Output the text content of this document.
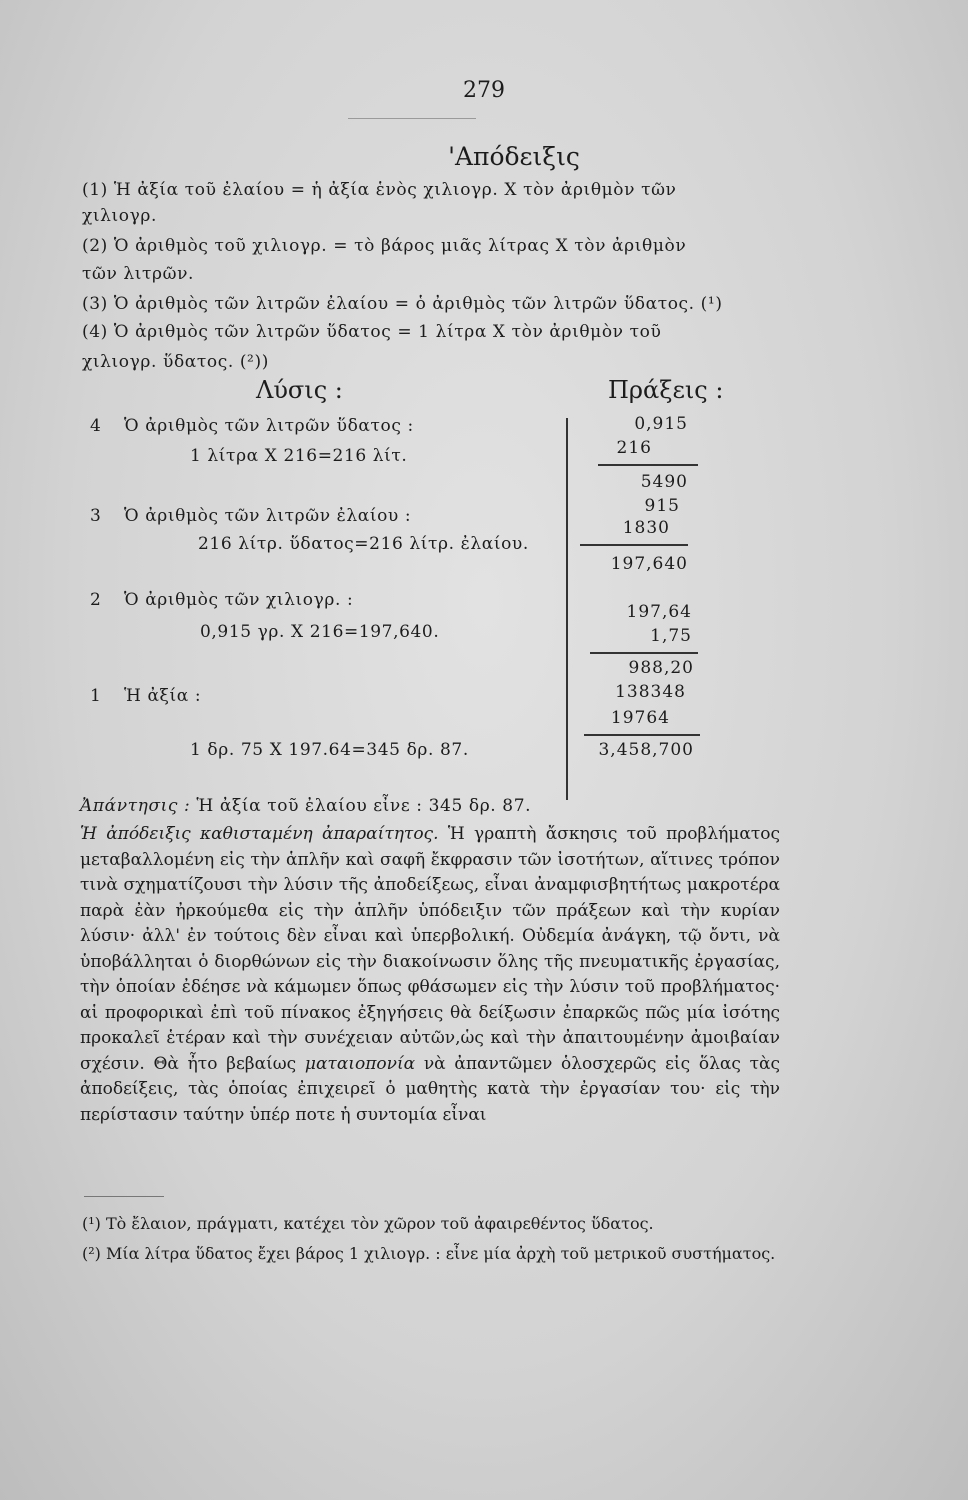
279
'Απόδειξις
(1) Ἡ ἀξία τοῦ ἐλαίου = ἡ ἀξία ἑνὸς χιλιογρ. X τὸν ἀριθμὸν τῶν
χιλιογρ.
(2) Ὁ ἀριθμὸς τοῦ χιλιογρ. = τὸ βάρος μιᾶς λίτρας X τὸν ἀριθμὸν
τῶν λιτρῶν.
(3) Ὁ ἀριθμὸς τῶν λιτρῶν ἐλαίου = ὁ ἀριθμὸς τῶν λιτρῶν ὕδατος. (¹)
(4) Ὁ ἀριθμὸς τῶν λιτρῶν ὕδατος = 1 λίτρα X τὸν ἀριθμὸν τοῦ
χιλιογρ. ὕδατος. (²))
Λύσις :	Πράξεις :
4 Ὁ ἀριθμὸς τῶν λιτρῶν ὕδατος :
1 λίτρα X 216=216 λίτ.
3 Ὁ ἀριθμὸς τῶν λιτρῶν ἐλαίου :
216 λίτρ. ὕδατος=216 λίτρ. ἐλαίου.
2 Ὁ ἀριθμὸς τῶν χιλιογρ. :
0,915 γρ. X 216=197,640.
1 Ἡ ἀξία :
1 δρ. 75 X 197.64=345 δρ. 87.
0,915
216
5490
915
1830
197,640
197,64
1,75
988,20
138348
19764
3,458,700
Ἀπάντησις : Ἡ ἀξία τοῦ ἐλαίου εἶνε : 345 δρ. 87.
Ἡ ἀπόδειξις καθισταμένη ἀπαραίτητος. Ἡ γραπτὴ ἄσκησις τοῦ προβλήματος μεταβαλλομένη εἰς τὴν ἁπλῆν καὶ σαφῆ ἔκφρασιν τῶν ἰσοτήτων, αἵτινες τρόπον τινὰ σχηματίζουσι τὴν λύσιν τῆς ἀποδείξεως, εἶναι ἀναμφισβητήτως μακροτέρα παρὰ ἐὰν ἠρκούμεθα εἰς τὴν ἁπλῆν ὑπόδειξιν τῶν πράξεων καὶ τὴν κυρίαν λύσιν· ἀλλ' ἐν τούτοις δὲν εἶναι καὶ ὑπερβολική. Οὐδεμία ἀνάγκη, τῷ ὄντι, νὰ ὑποβάλληται ὁ διορθώνων εἰς τὴν διακοίνωσιν ὅλης τῆς πνευματικῆς ἐργασίας, τὴν ὁποίαν ἐδέησε νὰ κάμωμεν ὅπως φθάσωμεν εἰς τὴν λύσιν τοῦ προβλήματος· αἱ προφορικαὶ ἐπὶ τοῦ πίνακος ἐξηγήσεις θὰ δείξωσιν ἐπαρκῶς πῶς μία ἰσότης προκαλεῖ ἑτέραν καὶ τὴν συνέχειαν αὐτῶν,ὡς καὶ τὴν ἀπαιτουμένην ἀμοιβαίαν σχέσιν. Θὰ ἦτο βεβαίως ματαιοπονία νὰ ἀπαντῶμεν ὁλοσχερῶς εἰς ὅλας τὰς ἀποδείξεις, τὰς ὁποίας ἐπιχειρεῖ ὁ μαθητὴς κατὰ τὴν ἐργασίαν του· εἰς τὴν περίστασιν ταύτην ὑπέρ ποτε ἡ συντομία εἶναι
(¹) Τὸ ἔλαιον, πράγματι, κατέχει τὸν χῶρον τοῦ ἀφαιρεθέντος ὕδατος.
(²) Μία λίτρα ὕδατος ἔχει βάρος 1 χιλιογρ. : εἶνε μία ἀρχὴ τοῦ μετρικοῦ συστήματος.
